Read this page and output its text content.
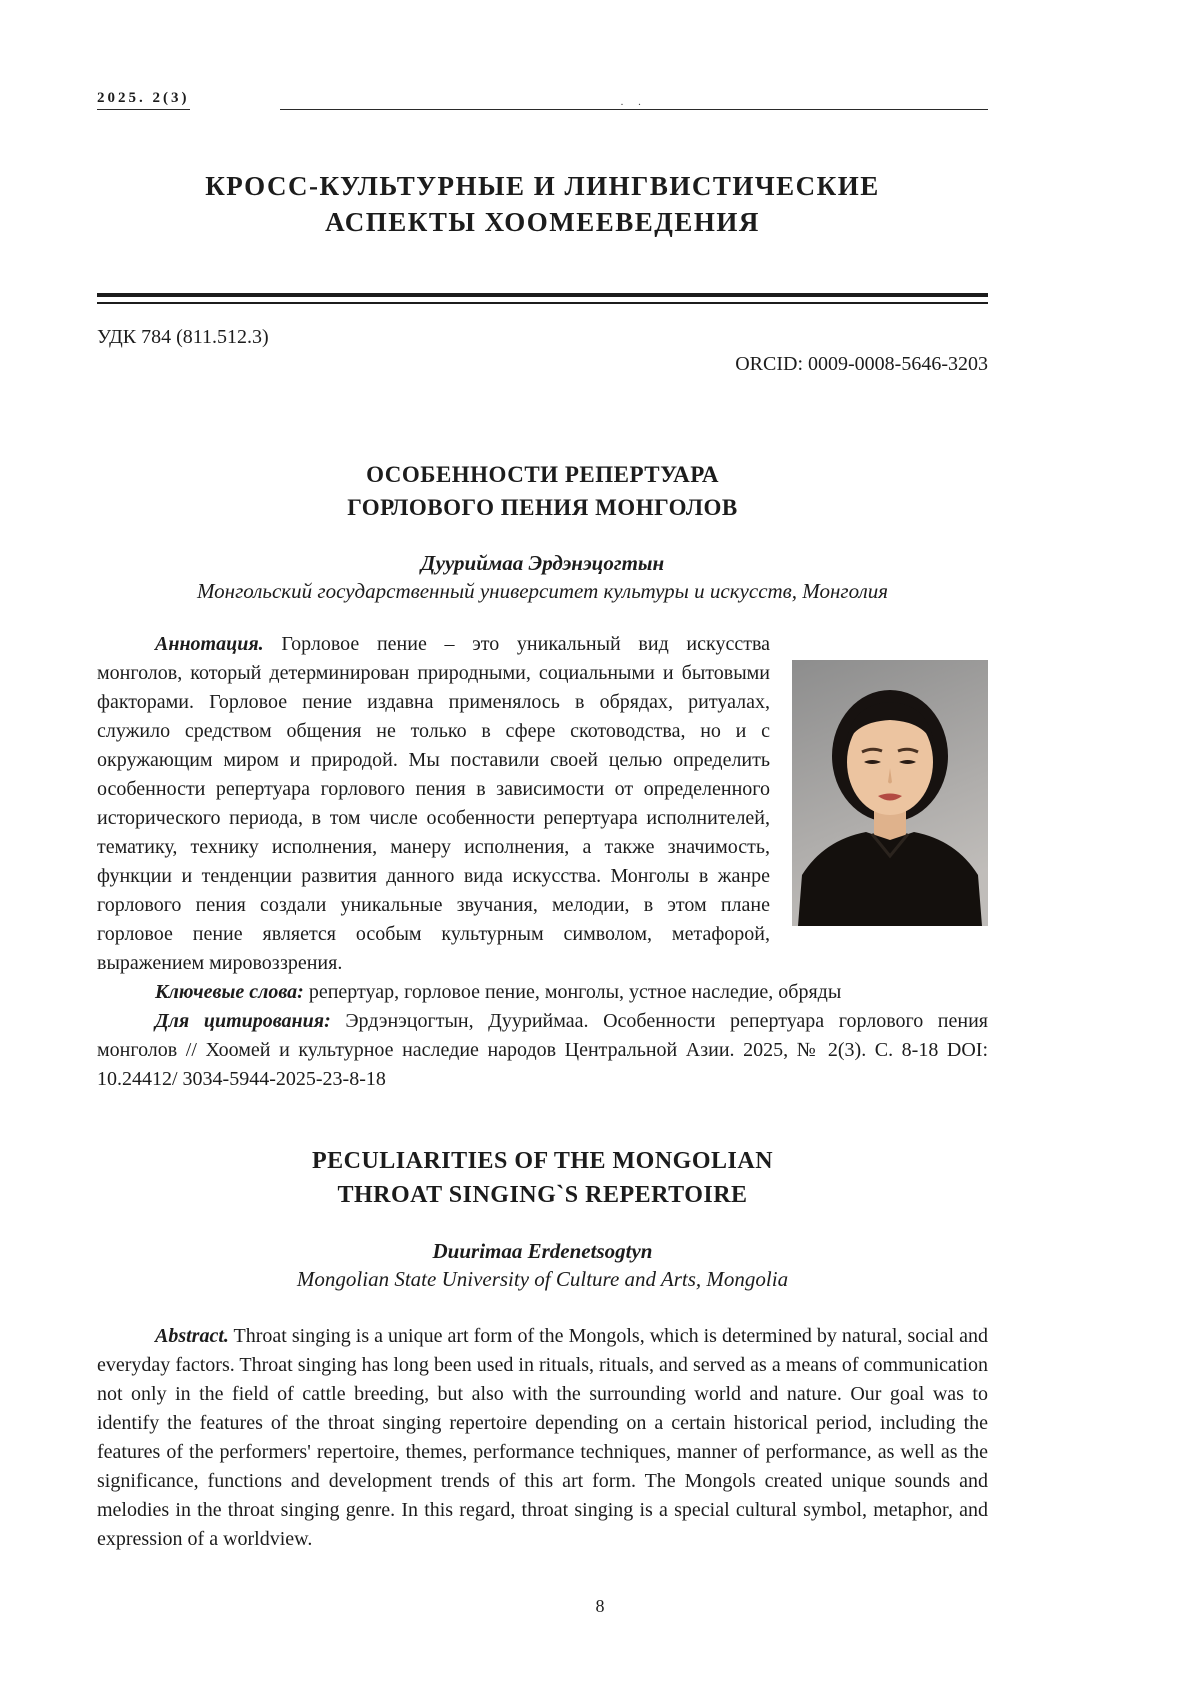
2025. 2(3)	. .
КРОСС-КУЛЬТУРНЫЕ И ЛИНГВИСТИЧЕСКИЕ
АСПЕКТЫ ХООМЕЕВЕДЕНИЯ
УДК 784 (811.512.3)
ORCID: 0009-0008-5646-3203
ОСОБЕННОСТИ РЕПЕРТУАРА
ГОРЛОВОГО ПЕНИЯ МОНГОЛОВ
Дууриймаа Эрдэнэцогтын
Монгольский государственный университет культуры и искусств, Монголия
Аннотация. Горловое пение – это уникальный вид искусства монголов, который детерминирован природными, социальными и бытовыми факторами. Горловое пение издавна применялось в обрядах, ритуалах, служило средством общения не только в сфере скотоводства, но и с окружающим миром и природой. Мы поставили своей целью определить особенности репертуара горлового пения в зависимости от определенного исторического периода, в том числе особенности репертуара исполнителей, тематику, технику исполнения, манеру исполнения, а также значимость, функции и тенденции развития данного вида искусства. Монголы в жанре горлового пения создали уникальные звучания, мелодии, в этом плане горловое пение является особым культурным символом, метафорой, выражением мировоззрения.
Ключевые слова: репертуар, горловое пение, монголы, устное наследие, обряды
Для цитирования: Эрдэнэцогтын, Дууриймаа. Особенности репертуара горлового пения монголов // Хоомей и культурное наследие народов Центральной Азии. 2025, № 2(3). С. 8-18 DOI: 10.24412/ 3034-5944-2025-23-8-18
PECULIARITIES OF THE MONGOLIAN
THROAT SINGING`S REPERTOIRE
Duurimaa Erdenetsogtyn
Mongolian State University of Culture and Arts, Mongolia
Abstract. Throat singing is a unique art form of the Mongols, which is determined by natural, social and everyday factors. Throat singing has long been used in rituals, rituals, and served as a means of communication not only in the field of cattle breeding, but also with the surrounding world and nature. Our goal was to identify the features of the throat singing repertoire depending on a certain historical period, including the features of the performers' repertoire, themes, performance techniques, manner of performance, as well as the significance, functions and development trends of this art form. The Mongols created unique sounds and melodies in the throat singing genre. In this regard, throat singing is a special cultural symbol, metaphor, and expression of a worldview.
8
